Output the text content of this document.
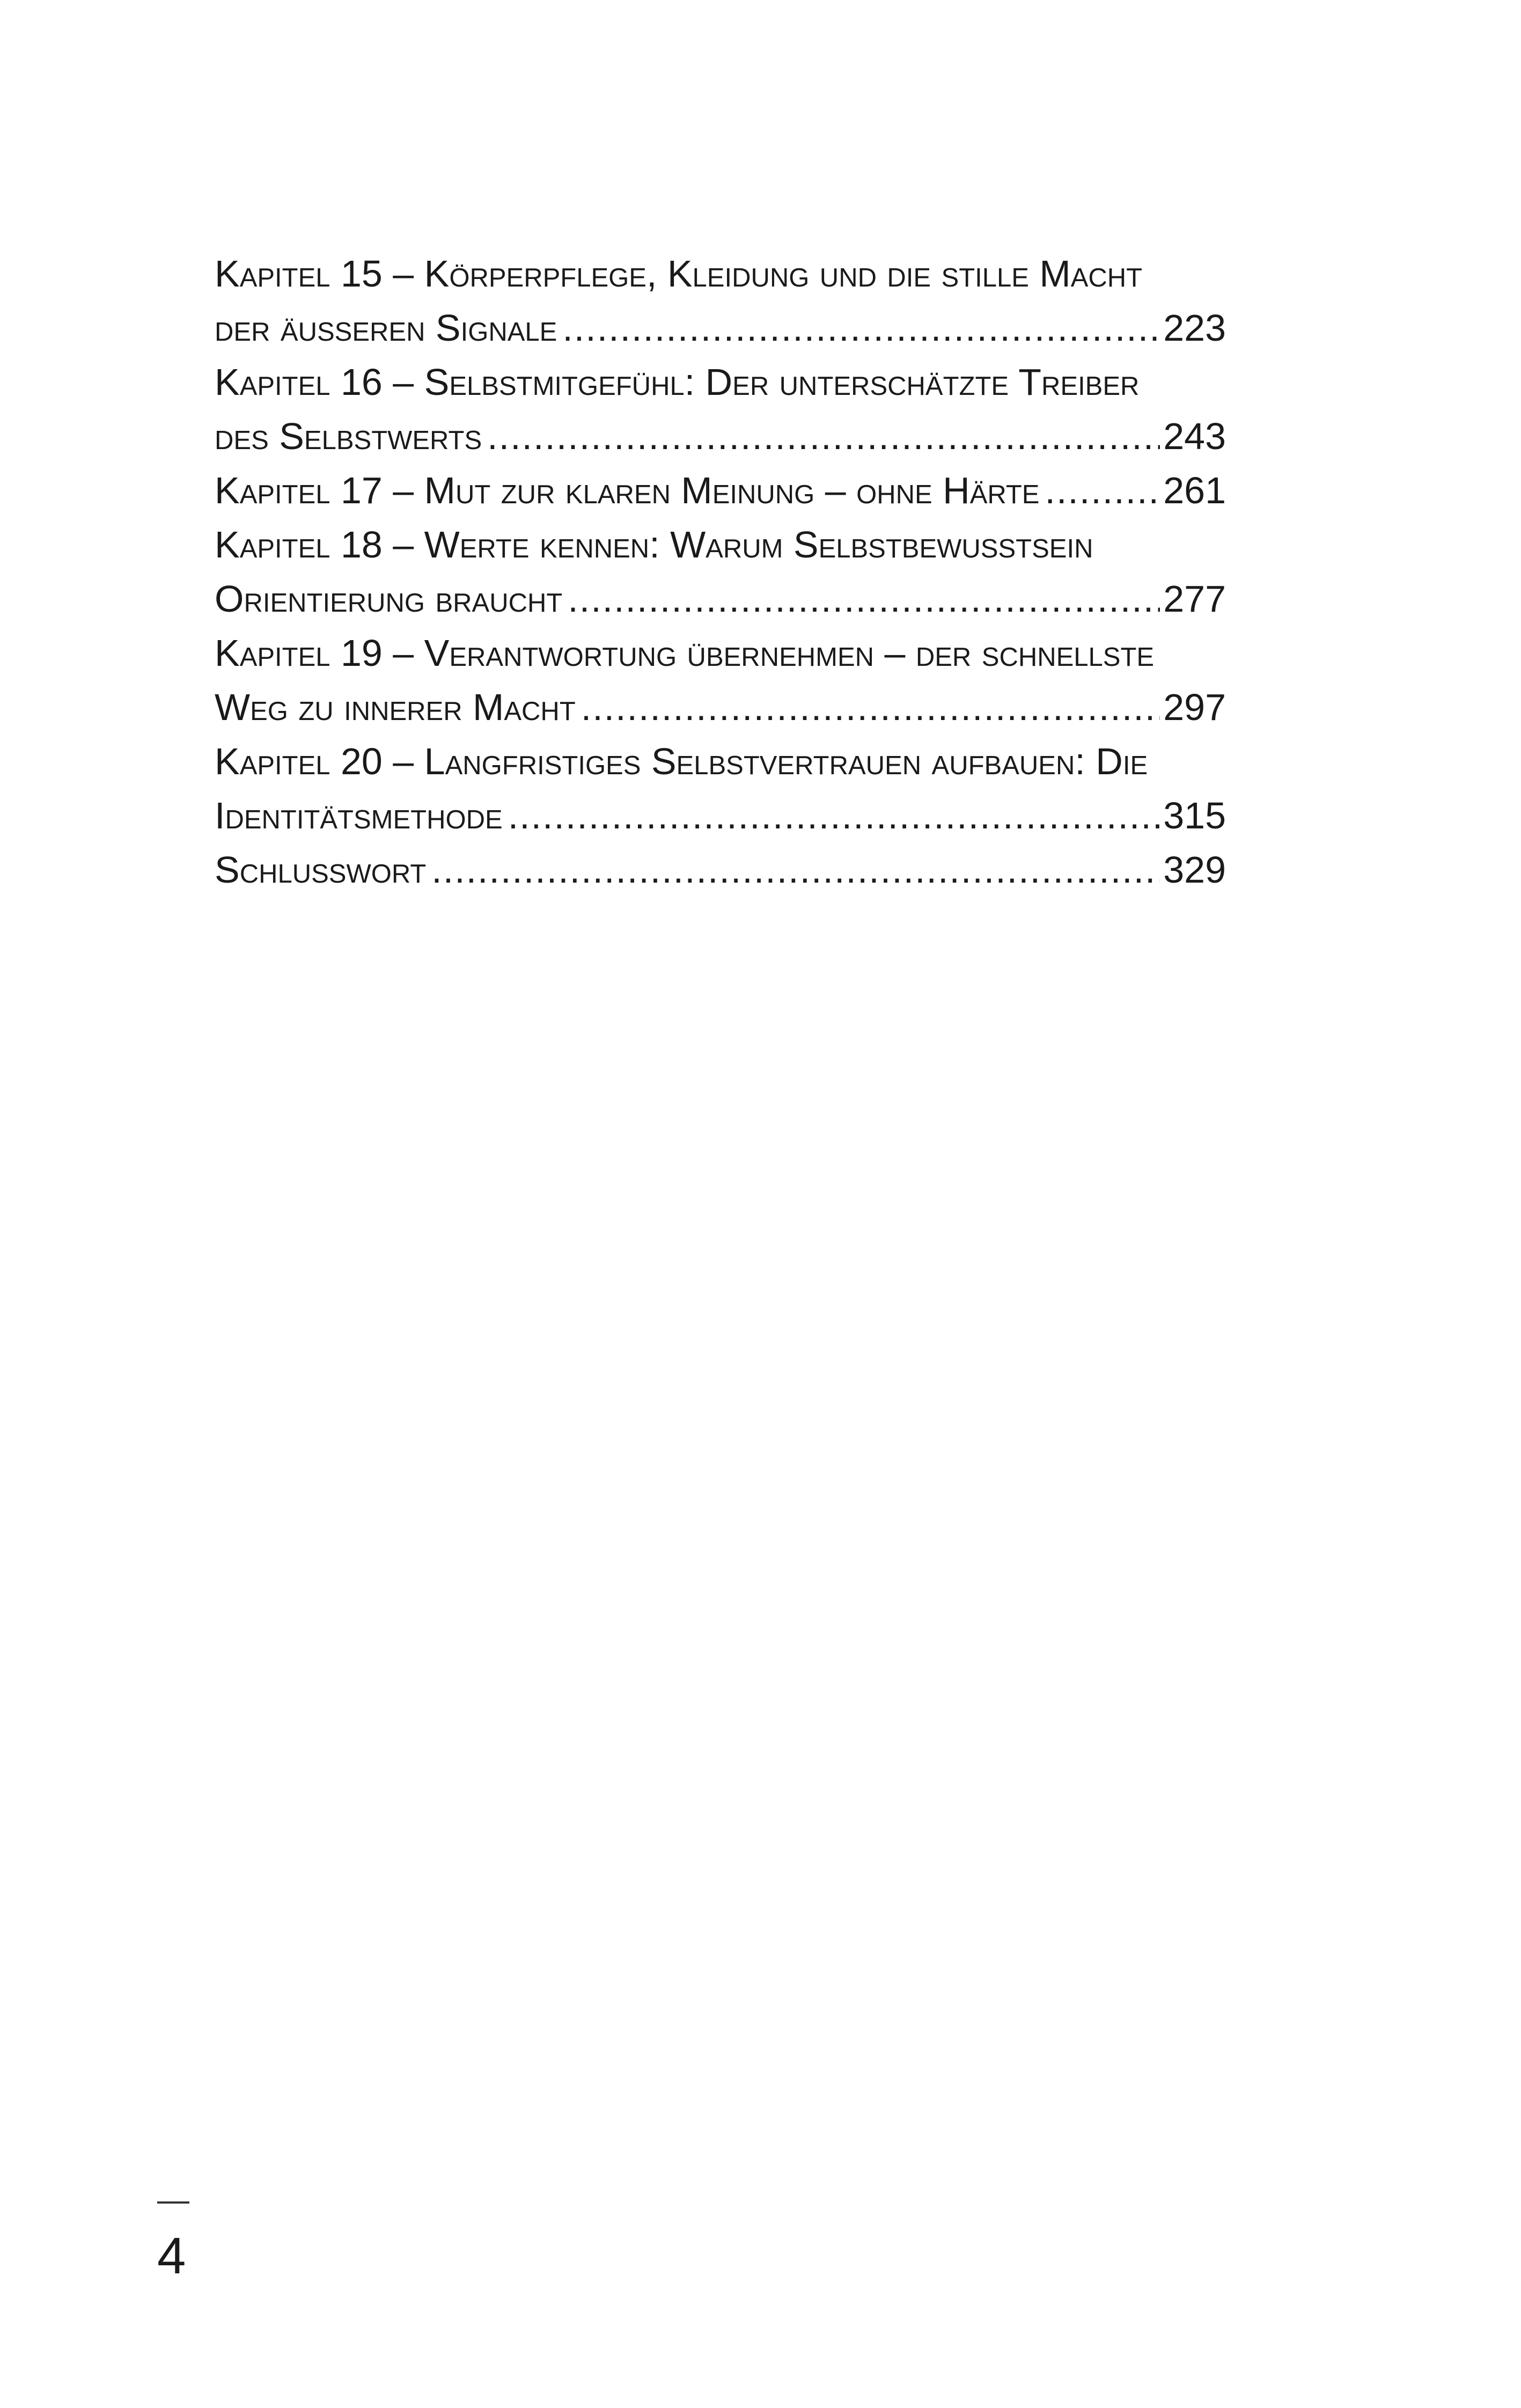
Kapitel 15 – Körperpflege, Kleidung und die stille Macht
der äußeren Signale .....	223
Kapitel 16 – Selbstmitgefühl: Der unterschätzte Treiber
des Selbstwerts .....	243
Kapitel 17 – Mut zur klaren Meinung – ohne Härte .....	261
Kapitel 18 – Werte kennen: Warum Selbstbewusstsein
Orientierung braucht .....	277
Kapitel 19 – Verantwortung übernehmen – der schnellste
Weg zu innerer Macht .....	297
Kapitel 20 – Langfristiges Selbstvertrauen aufbauen: Die
Identitätsmethode .....	315
Schlusswort .....	329
4
